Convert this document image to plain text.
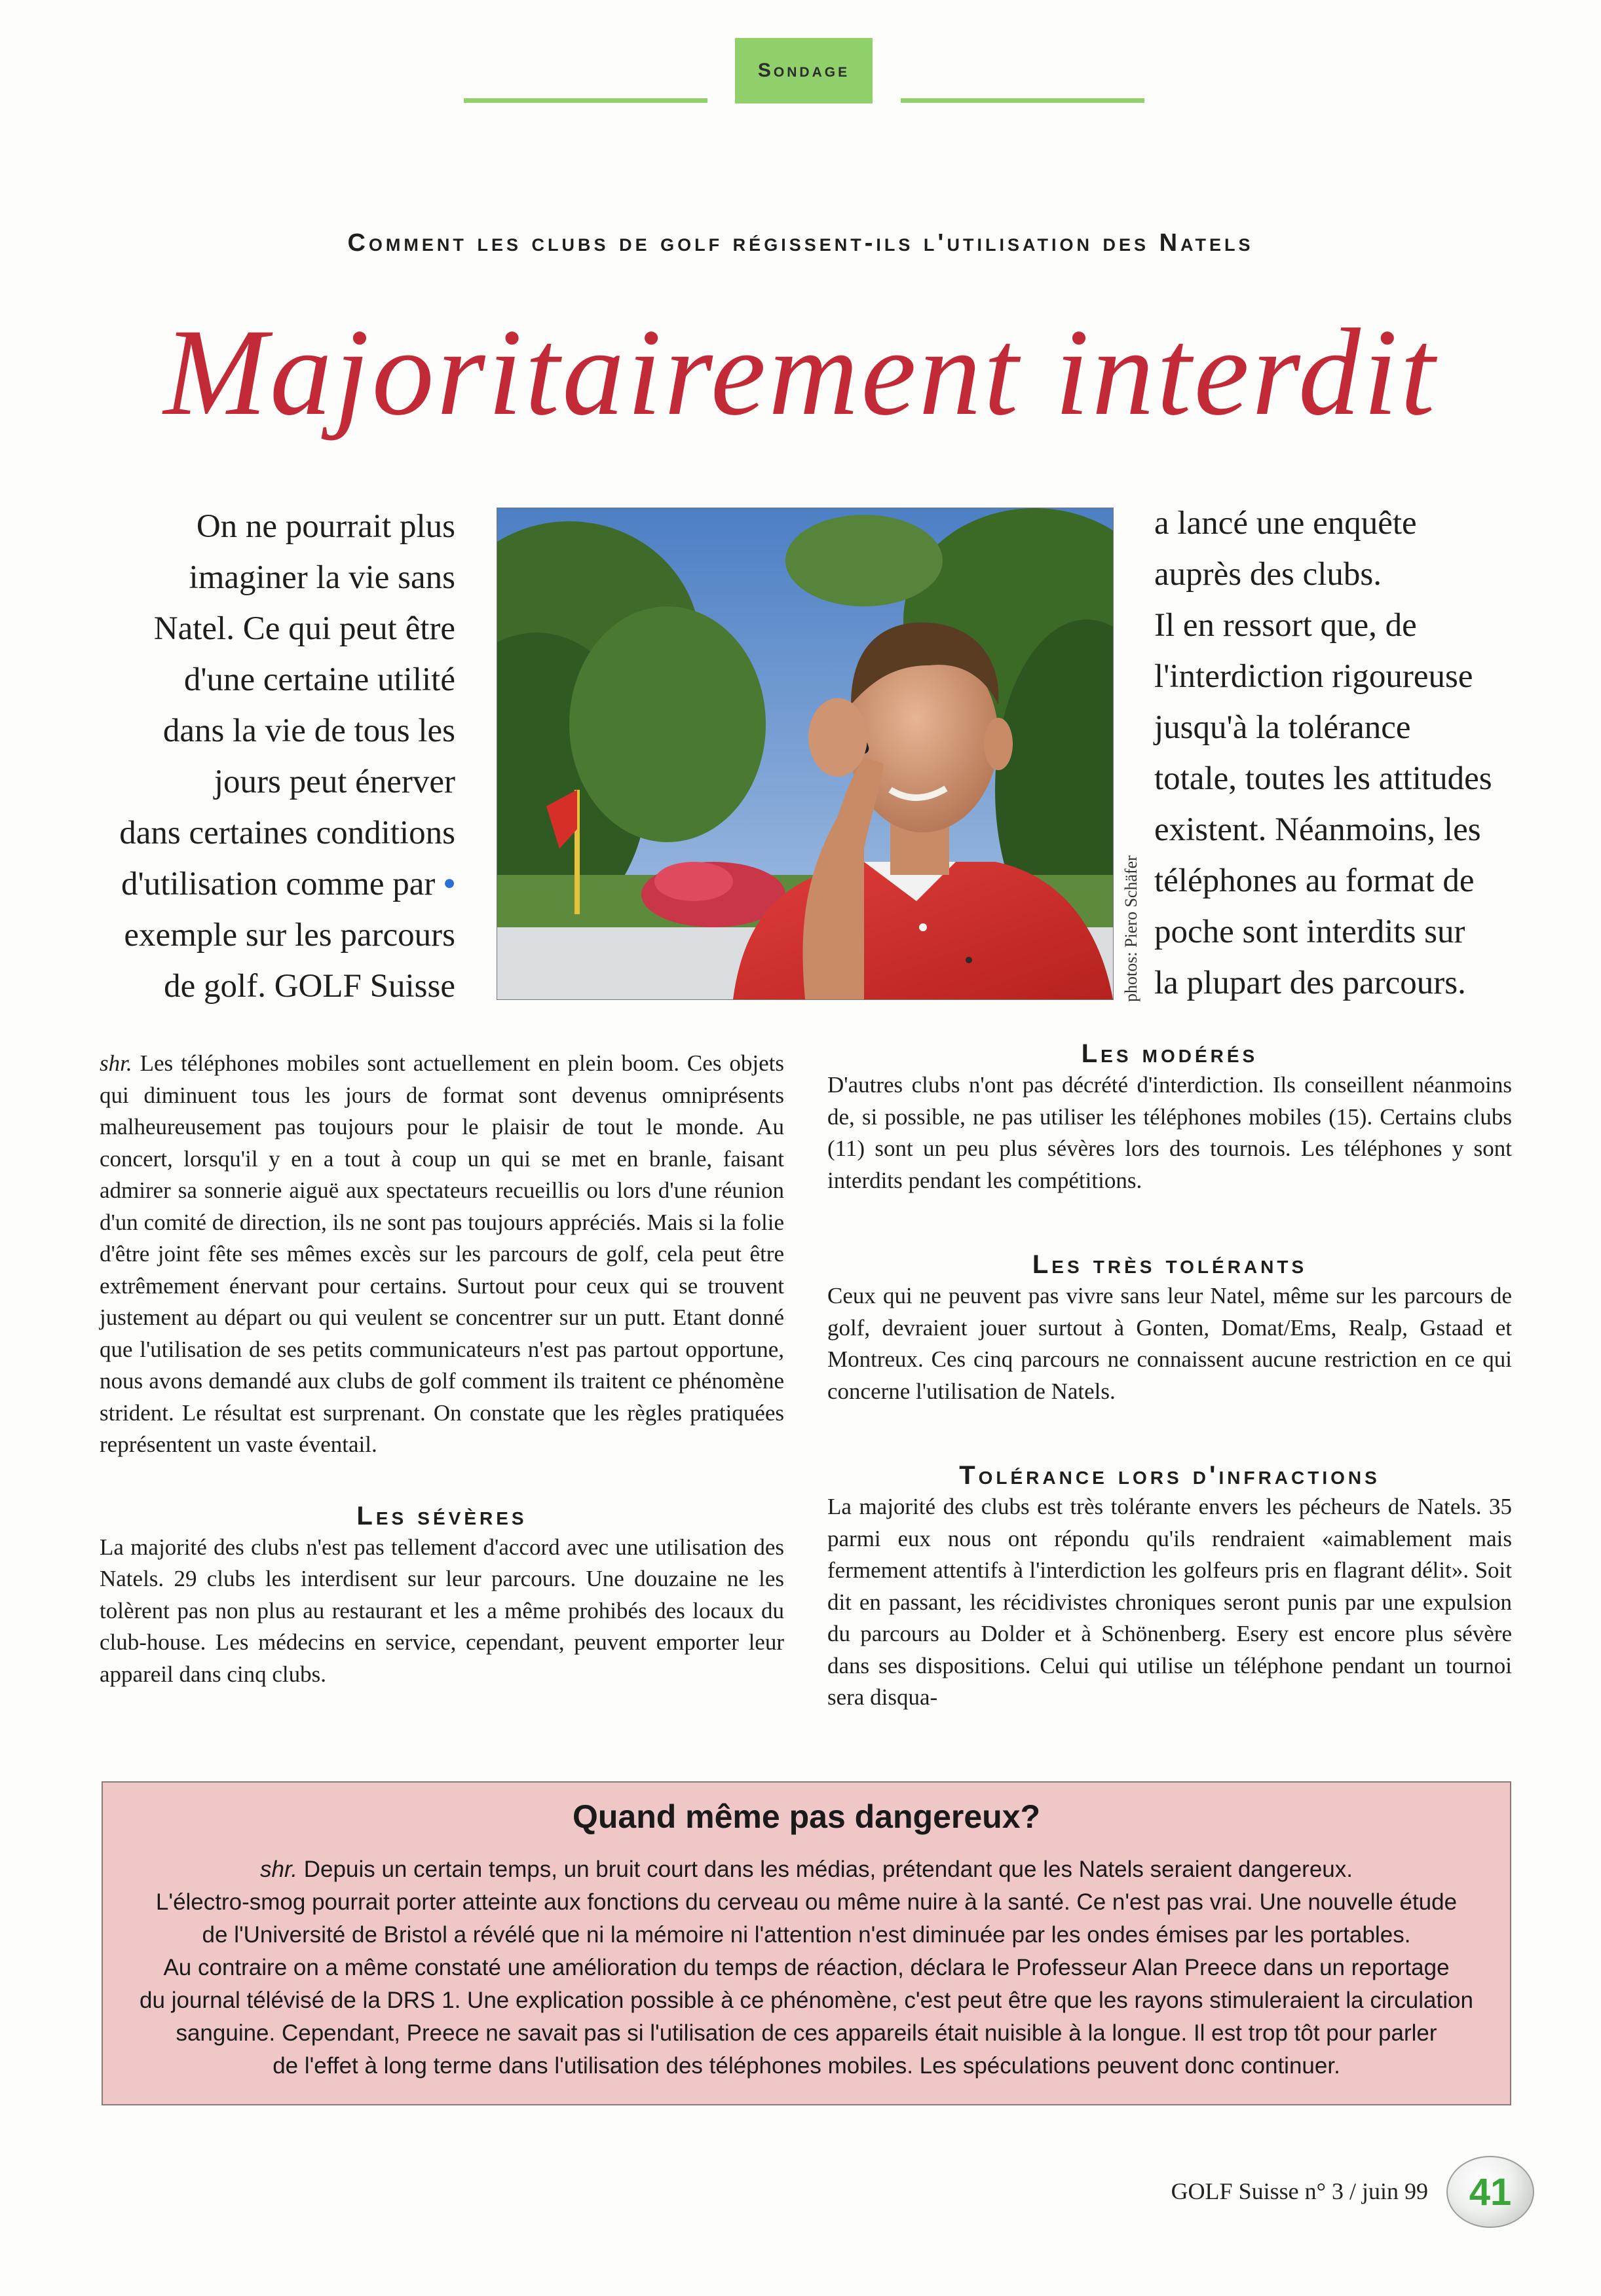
Sondage
Comment les clubs de golf régissent-ils l'utilisation des Natels
Majoritairement interdit
On ne pourrait plus
imaginer la vie sans
Natel. Ce qui peut être
d'une certaine utilité
dans la vie de tous les
jours peut énerver
dans certaines conditions
d'utilisation comme par •
exemple sur les parcours
de golf. GOLF Suisse	photos: Piero Schäfer
a lancé une enquête
auprès des clubs.
Il en ressort que, de
l'interdiction rigoureuse
jusqu'à la tolérance
totale, toutes les attitudes
existent. Néanmoins, les
téléphones au format de
poche sont interdits sur
la plupart des parcours.

shr. Les téléphones mobiles sont actuellement en plein boom. Ces objets qui diminuent tous les jours de format sont devenus omniprésents malheureusement pas toujours pour le plaisir de tout le monde. Au concert, lorsqu'il y en a tout à coup un qui se met en branle, faisant admirer sa sonnerie aiguë aux spectateurs recueillis ou lors d'une réunion d'un comité de direction, ils ne sont pas toujours appréciés. Mais si la folie d'être joint fête ses mêmes excès sur les parcours de golf, cela peut être extrêmement énervant pour certains. Surtout pour ceux qui se trouvent justement au départ ou qui veulent se concentrer sur un putt. Etant donné que l'utilisation de ses petits communicateurs n'est pas partout opportune, nous avons demandé aux clubs de golf comment ils traitent ce phénomène strident. Le résultat est surprenant. On constate que les règles pratiquées représentent un vaste éventail.

Les sévères

La majorité des clubs n'est pas tellement d'accord avec une utilisation des Natels. 29 clubs les interdisent sur leur parcours. Une douzaine ne les tolèrent pas non plus au restaurant et les a même prohibés des locaux du club-house. Les médecins en service, cependant, peuvent emporter leur appareil dans cinq clubs.

Les modérés

D'autres clubs n'ont pas décrété d'interdiction. Ils conseillent néanmoins de, si possible, ne pas utiliser les téléphones mobiles (15). Certains clubs (11) sont un peu plus sévères lors des tournois. Les téléphones y sont interdits pendant les compétitions.

Les très tolérants

Ceux qui ne peuvent pas vivre sans leur Natel, même sur les parcours de golf, devraient jouer surtout à Gonten, Domat/Ems, Realp, Gstaad et Montreux. Ces cinq parcours ne connaissent aucune restriction en ce qui concerne l'utilisation de Natels.

Tolérance lors d'infractions

La majorité des clubs est très tolérante envers les pécheurs de Natels. 35 parmi eux nous ont répondu qu'ils rendraient «aimablement mais fermement attentifs à l'interdiction les golfeurs pris en flagrant délit». Soit dit en passant, les récidivistes chroniques seront punis par une expulsion du parcours au Dolder et à Schönenberg. Esery est encore plus sévère dans ses dispositions. Celui qui utilise un téléphone pendant un tournoi sera disqua-

Quand même pas dangereux?
shr. Depuis un certain temps, un bruit court dans les médias, prétendant que les Natels seraient dangereux.
L'électro-smog pourrait porter atteinte aux fonctions du cerveau ou même nuire à la santé. Ce n'est pas vrai. Une nouvelle étude
de l'Université de Bristol a révélé que ni la mémoire ni l'attention n'est diminuée par les ondes émises par les portables.
Au contraire on a même constaté une amélioration du temps de réaction, déclara le Professeur Alan Preece dans un reportage
du journal télévisé de la DRS 1. Une explication possible à ce phénomène, c'est peut être que les rayons stimuleraient la circulation
sanguine. Cependant, Preece ne savait pas si l'utilisation de ces appareils était nuisible à la longue. Il est trop tôt pour parler
de l'effet à long terme dans l'utilisation des téléphones mobiles. Les spéculations peuvent donc continuer.
GOLF Suisse n° 3 / juin 99	41
